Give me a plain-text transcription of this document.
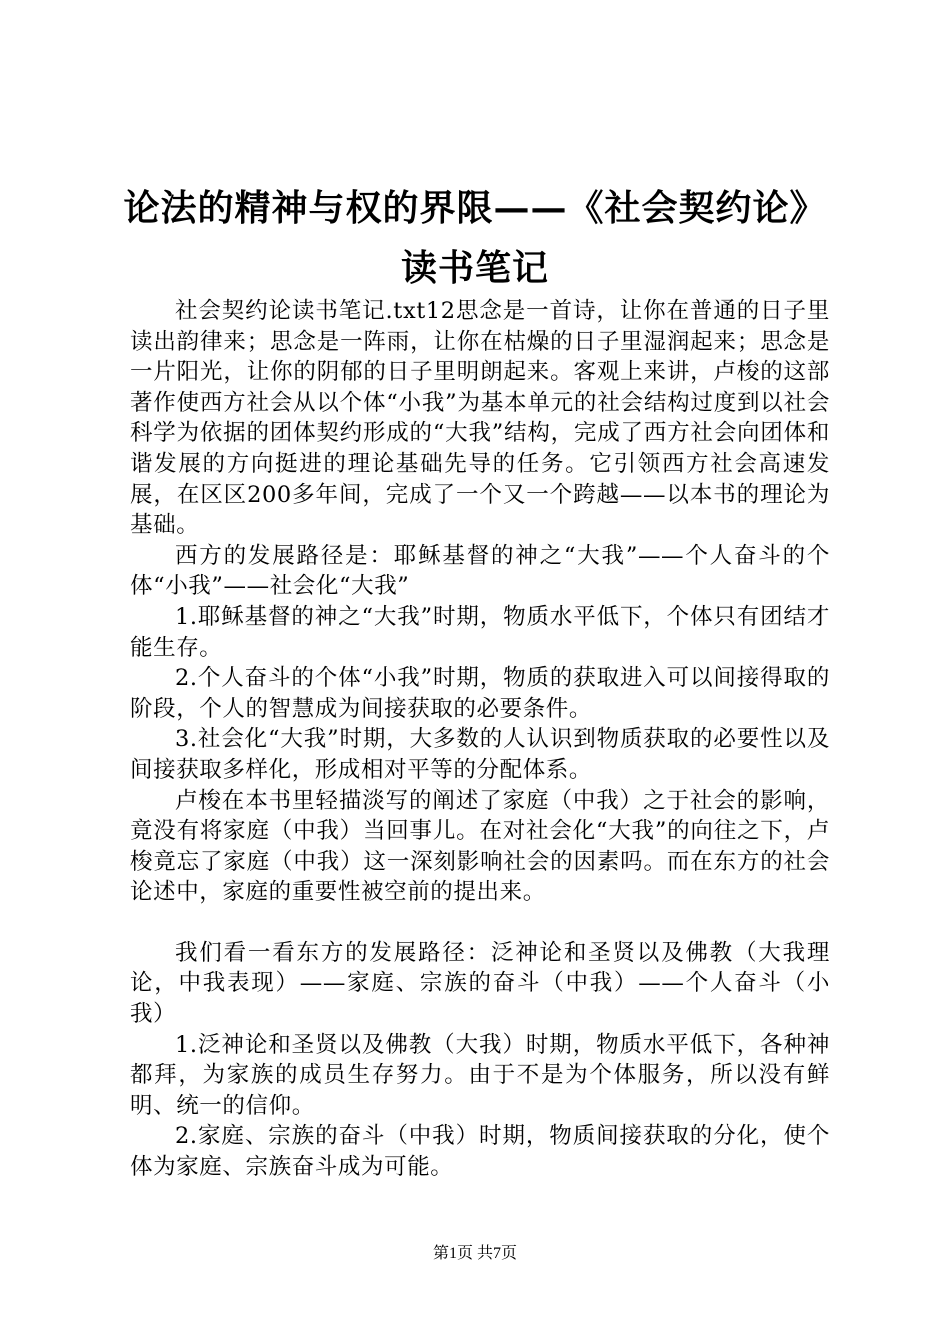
论法的精神与权的界限——《社会契约论》读书笔记

社会契约论读书笔记.txt12思念是一首诗，让你在普通的日子里读出韵律来；思念是一阵雨，让你在枯燥的日子里湿润起来；思念是一片阳光，让你的阴郁的日子里明朗起来。客观上来讲，卢梭的这部著作使西方社会从以个体“小我”为基本单元的社会结构过度到以社会科学为依据的团体契约形成的“大我”结构，完成了西方社会向团体和谐发展的方向挺进的理论基础先导的任务。它引领西方社会高速发展，在区区200多年间，完成了一个又一个跨越——以本书的理论为基础。

西方的发展路径是：耶稣基督的神之“大我”——个人奋斗的个体“小我”——社会化“大我”

1.耶稣基督的神之“大我”时期，物质水平低下，个体只有团结才能生存。

2.个人奋斗的个体“小我”时期，物质的获取进入可以间接得取的阶段，个人的智慧成为间接获取的必要条件。

3.社会化“大我”时期，大多数的人认识到物质获取的必要性以及间接获取多样化，形成相对平等的分配体系。

卢梭在本书里轻描淡写的阐述了家庭（中我）之于社会的影响，竟没有将家庭（中我）当回事儿。在对社会化“大我”的向往之下，卢梭竟忘了家庭（中我）这一深刻影响社会的因素吗。而在东方的社会论述中，家庭的重要性被空前的提出来。

我们看一看东方的发展路径：泛神论和圣贤以及佛教（大我理论，中我表现）——家庭、宗族的奋斗（中我）——个人奋斗（小我）

1.泛神论和圣贤以及佛教（大我）时期，物质水平低下，各种神都拜，为家族的成员生存努力。由于不是为个体服务，所以没有鲜明、统一的信仰。

2.家庭、宗族的奋斗（中我）时期，物质间接获取的分化，使个体为家庭、宗族奋斗成为可能。

第1页 共7页
